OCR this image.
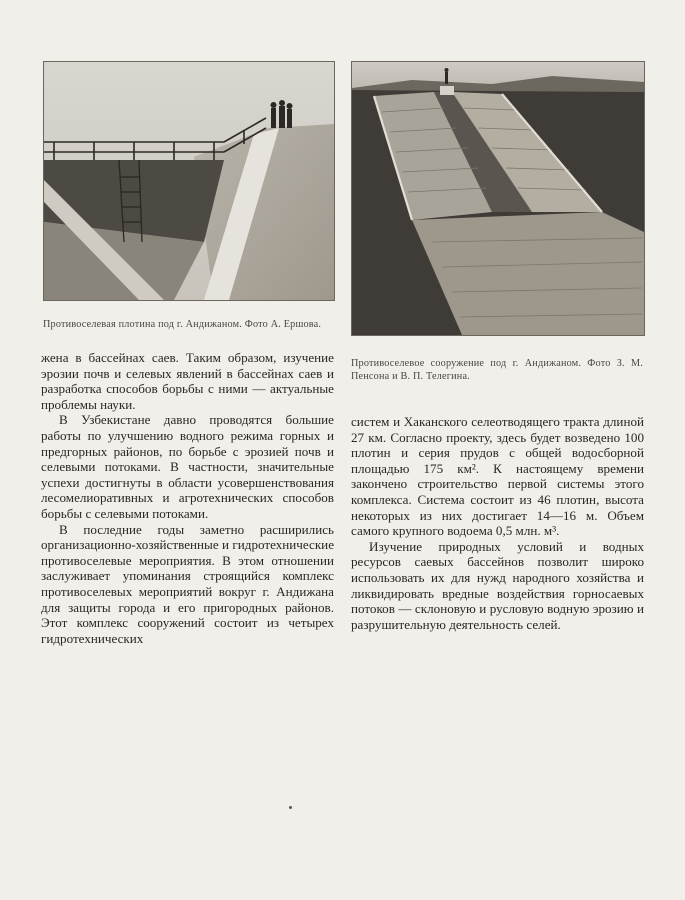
Противоселевая плотина под г. Андижаном. Фото А. Ершова.

жена в бассейнах саев. Таким образом, изучение эрозии почв и селевых явлений в бассейнах саев и разработка способов борьбы с ними — актуальные проблемы науки.

В Узбекистане давно проводятся большие работы по улучшению водного режима горных и предгорных районов, по борьбе с эрозией почв и селевыми потоками. В частности, значительные успехи достигнуты в области усовершенствования лесомелиоративных и агротехнических способов борьбы с селевыми потоками.

В последние годы заметно расширились организационно-хозяйственные и гидротехнические противоселевые мероприятия. В этом отношении заслуживает упоминания строящийся комплекс противоселевых мероприятий вокруг г. Андижана для защиты города и его пригородных районов. Этот комплекс сооружений состоит из четырех гидротехнических

Противоселевое сооружение под г. Андижаном. Фото З. М. Пенсона и В. П. Телегина.

систем и Хаканского селеотводящего тракта длиной 27 км. Согласно проекту, здесь будет возведено 100 плотин и серия прудов с общей водосборной площадью 175 км². К настоящему времени закончено строительство первой системы этого комплекса. Система состоит из 46 плотин, высота некоторых из них достигает 14—16 м. Объем самого крупного водоема 0,5 млн. м³.

Изучение природных условий и водных ресурсов саевых бассейнов позволит широко использовать их для нужд народного хозяйства и ликвидировать вредные воздействия горносаевых потоков — склоновую и русловую водную эрозию и разрушительную деятельность селей.
